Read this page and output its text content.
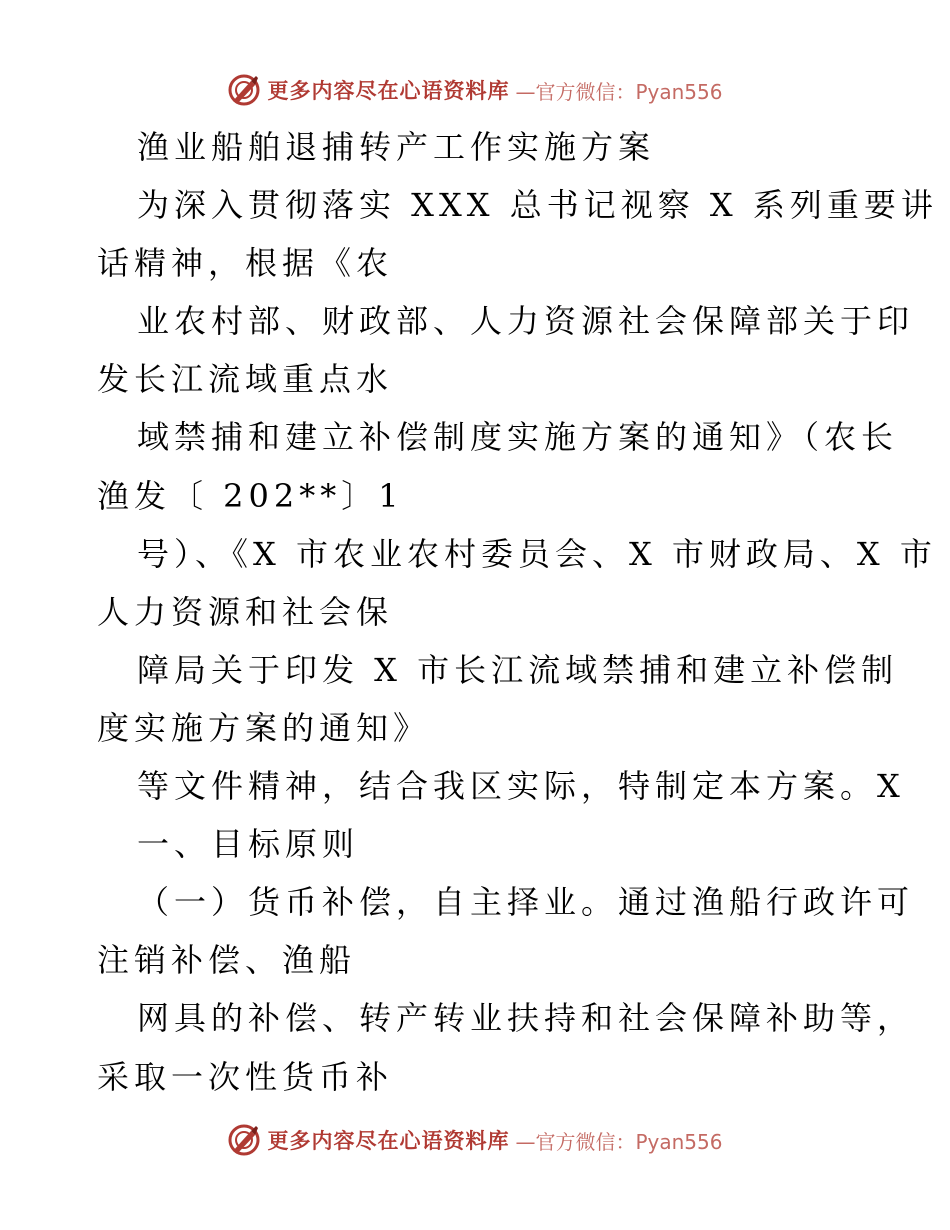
更多内容尽在心语资料库 —官方微信：Pyan556
渔业船舶退捕转产工作实施方案
为深入贯彻落实 XXX 总书记视察 X 系列重要讲
话精神，根据《农
业农村部、财政部、人力资源社会保障部关于印
发长江流域重点水
域禁捕和建立补偿制度实施方案的通知》（农长
渔发〔 202**〕1
号）、《X 市农业农村委员会、X 市财政局、X 市
人力资源和社会保
障局关于印发 X 市长江流域禁捕和建立补偿制
度实施方案的通知》
等文件精神，结合我区实际，特制定本方案。X
一、目标原则
（一）货币补偿，自主择业。通过渔船行政许可
注销补偿、渔船
网具的补偿、转产转业扶持和社会保障补助等，
采取一次性货币补
更多内容尽在心语资料库 —官方微信：Pyan556
